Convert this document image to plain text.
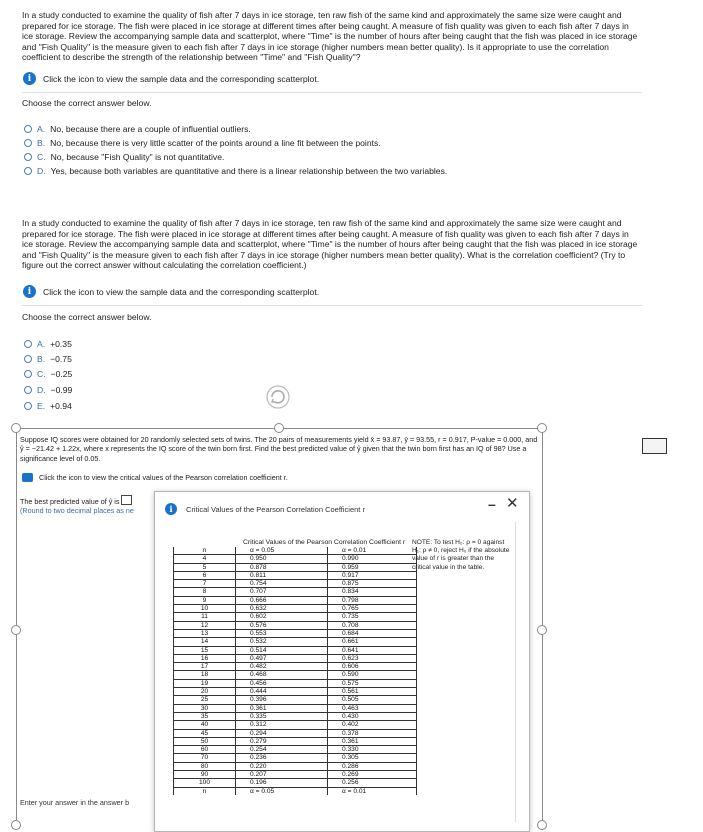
In a study conducted to examine the quality of fish after 7 days in ice storage, ten raw fish of the same kind and approximately the same size were caught and prepared for ice storage. The fish were placed in ice storage at different times after being caught. A measure of fish quality was given to each fish after 7 days in ice storage. Review the accompanying sample data and scatterplot, where "Time" is the number of hours after being caught that the fish was placed in ice storage and "Fish Quality" is the measure given to each fish after 7 days in ice storage (higher numbers mean better quality). Is it appropriate to use the correlation coefficient to describe the strength of the relationship between "Time" and "Fish Quality"?
i	Click the icon to view the sample data and the corresponding scatterplot.
Choose the correct answer below.
A. No, because there are a couple of influential outliers.
B. No, because there is very little scatter of the points around a line fit between the points.
C. No, because "Fish Quality" is not quantitative.
D. Yes, because both variables are quantitative and there is a linear relationship between the two variables.
In a study conducted to examine the quality of fish after 7 days in ice storage, ten raw fish of the same kind and approximately the same size were caught and prepared for ice storage. The fish were placed in ice storage at different times after being caught. A measure of fish quality was given to each fish after 7 days in ice storage. Review the accompanying sample data and scatterplot, where "Time" is the number of hours after being caught that the fish was placed in ice storage and "Fish Quality" is the measure given to each fish after 7 days in ice storage (higher numbers mean better quality). What is the correlation coefficient? (Try to figure out the correct answer without calculating the correlation coefficient.)
i	Click the icon to view the sample data and the corresponding scatterplot.
Choose the correct answer below.
A. +0.35
B. −0.75
C. −0.25
D. −0.99
E. +0.94
Suppose IQ scores were obtained for 20 randomly selected sets of twins. The 20 pairs of measurements yield x̄ = 93.87, ȳ = 93.55, r = 0.917, P-value = 0.000, and ŷ = −21.42 + 1.22x, where x represents the IQ score of the twin born first. Find the best predicted value of ŷ given that the twin born first has an IQ of 98? Use a significance level of 0.05.
Click the icon to view the critical values of the Pearson correlation coefficient r.
The best predicted value of ŷ is
(Round to two decimal places as ne
Enter your answer in the answer b
i	Critical Values of the Pearson Correlation Coefficient r	– ✕
Critical Values of the Pearson Correlation Coefficient r
n	α = 0.05	α = 0.01
4	0.950	0.990
5	0.878	0.959
6	0.811	0.917
7	0.754	0.875
8	0.707	0.834
9	0.666	0.798
10	0.632	0.765
11	0.602	0.735
12	0.576	0.708
13	0.553	0.684
14	0.532	0.661
15	0.514	0.641
16	0.497	0.623
17	0.482	0.606
18	0.468	0.590
19	0.456	0.575
20	0.444	0.561
25	0.396	0.505
30	0.361	0.463
35	0.335	0.430
40	0.312	0.402
45	0.294	0.378
50	0.279	0.361
60	0.254	0.330
70	0.236	0.305
80	0.220	0.286
90	0.207	0.269
100	0.196	0.256
n	α = 0.05	α = 0.01
NOTE: To test H₀: ρ = 0 against H₁: ρ ≠ 0, reject H₀ if the absolute value of r is greater than the critical value in the table.
